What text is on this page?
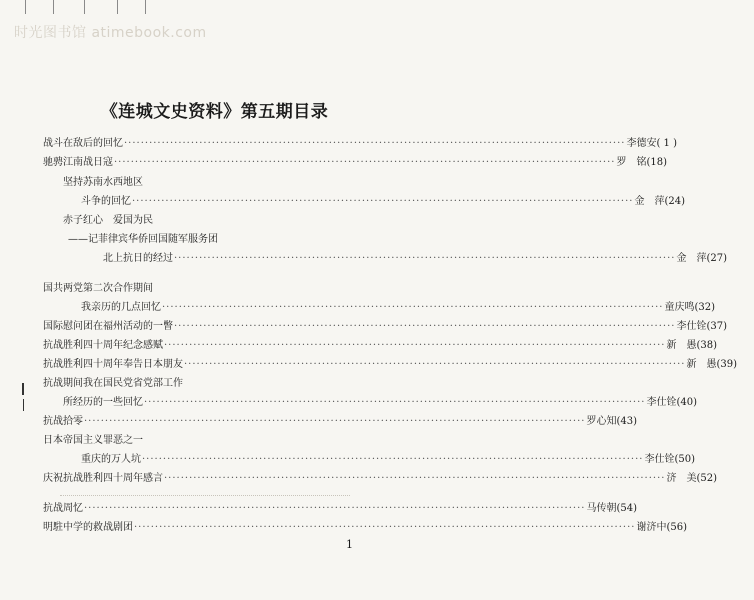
时光图书馆 atimebook.com
《连城文史资料》第五期目录
战斗在敌后的回忆 ························································································································ 李德安 ( 1 )
驰骋江南战日寇 ························································································································ 罗　铭 (18)
坚持苏南水西地区
斗争的回忆 ························································································································ 金　萍 (24)
赤子红心　爱国为民
——记菲律宾华侨回国随军服务团
北上抗日的经过 ························································································································ 金　萍 (27)
国共两党第二次合作期间
我亲历的几点回忆 ························································································································ 童庆鸣 (32)
国际慰问团在福州活动的一瞥 ························································································································ 李仕铨 (37)
抗战胜利四十周年纪念感赋 ························································································································ 新　愚 (38)
抗战胜利四十周年奉告日本朋友 ························································································································ 新　愚 (39)
抗战期间我在国民党省党部工作
所经历的一些回忆 ························································································································ 李仕铨 (40)
抗战拾零 ························································································································ 罗心知 (43)
日本帝国主义罪恶之一
重庆的万人坑 ························································································································ 李仕铨 (50)
庆祝抗战胜利四十周年感言 ························································································································ 济　美 (52)
抗战周忆 ························································································································ 马传朝 (54)
明駐中学的救战剧团 ························································································································ 谢济中 (56)
1
